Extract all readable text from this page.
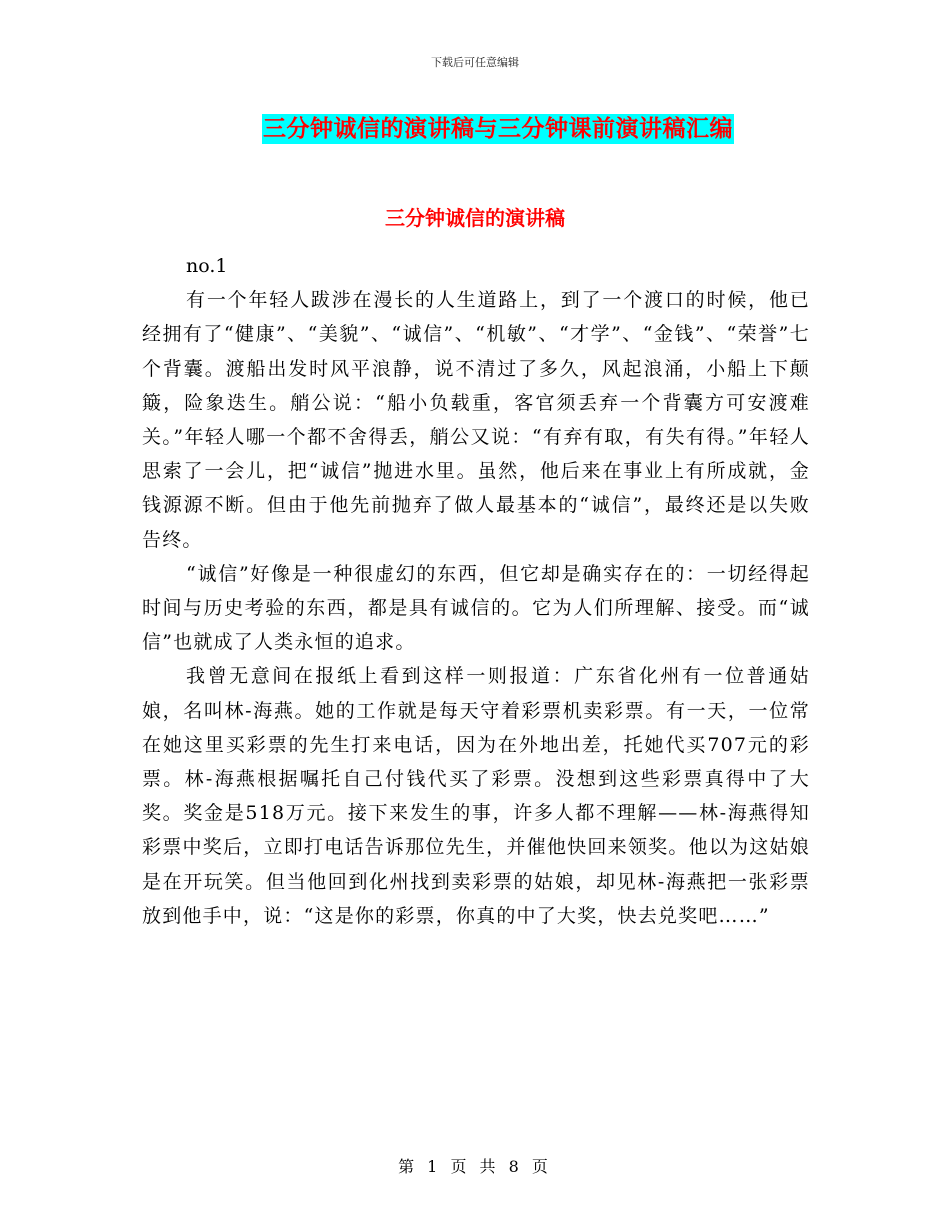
下载后可任意编辑
三分钟诚信的演讲稿与三分钟课前演讲稿汇编
三分钟诚信的演讲稿

no.1

有一个年轻人跋涉在漫长的人生道路上，到了一个渡口的时候，他已经拥有了“健康”、“美貌”、“诚信”、“机敏”、“才学”、“金钱”、“荣誉”七个背囊。渡船出发时风平浪静，说不清过了多久，风起浪涌，小船上下颠簸，险象迭生。艄公说：“船小负载重，客官须丢弃一个背囊方可安渡难关。”年轻人哪一个都不舍得丢，艄公又说：“有弃有取，有失有得。”年轻人思索了一会儿，把“诚信”抛进水里。虽然，他后来在事业上有所成就，金钱源源不断。但由于他先前抛弃了做人最基本的“诚信”，最终还是以失败告终。

“诚信”好像是一种很虚幻的东西，但它却是确实存在的：一切经得起时间与历史考验的东西，都是具有诚信的。它为人们所理解、接受。而“诚信”也就成了人类永恒的追求。

我曾无意间在报纸上看到这样一则报道：广东省化州有一位普通姑娘，名叫林-海燕。她的工作就是每天守着彩票机卖彩票。有一天，一位常在她这里买彩票的先生打来电话，因为在外地出差，托她代买707元的彩票。林-海燕根据嘱托自己付钱代买了彩票。没想到这些彩票真得中了大奖。奖金是518万元。接下来发生的事，许多人都不理解——林-海燕得知彩票中奖后，立即打电话告诉那位先生，并催他快回来领奖。他以为这姑娘是在开玩笑。但当他回到化州找到卖彩票的姑娘，却见林-海燕把一张彩票放到他手中，说：“这是你的彩票，你真的中了大奖，快去兑奖吧……”

第 1 页 共 8 页
